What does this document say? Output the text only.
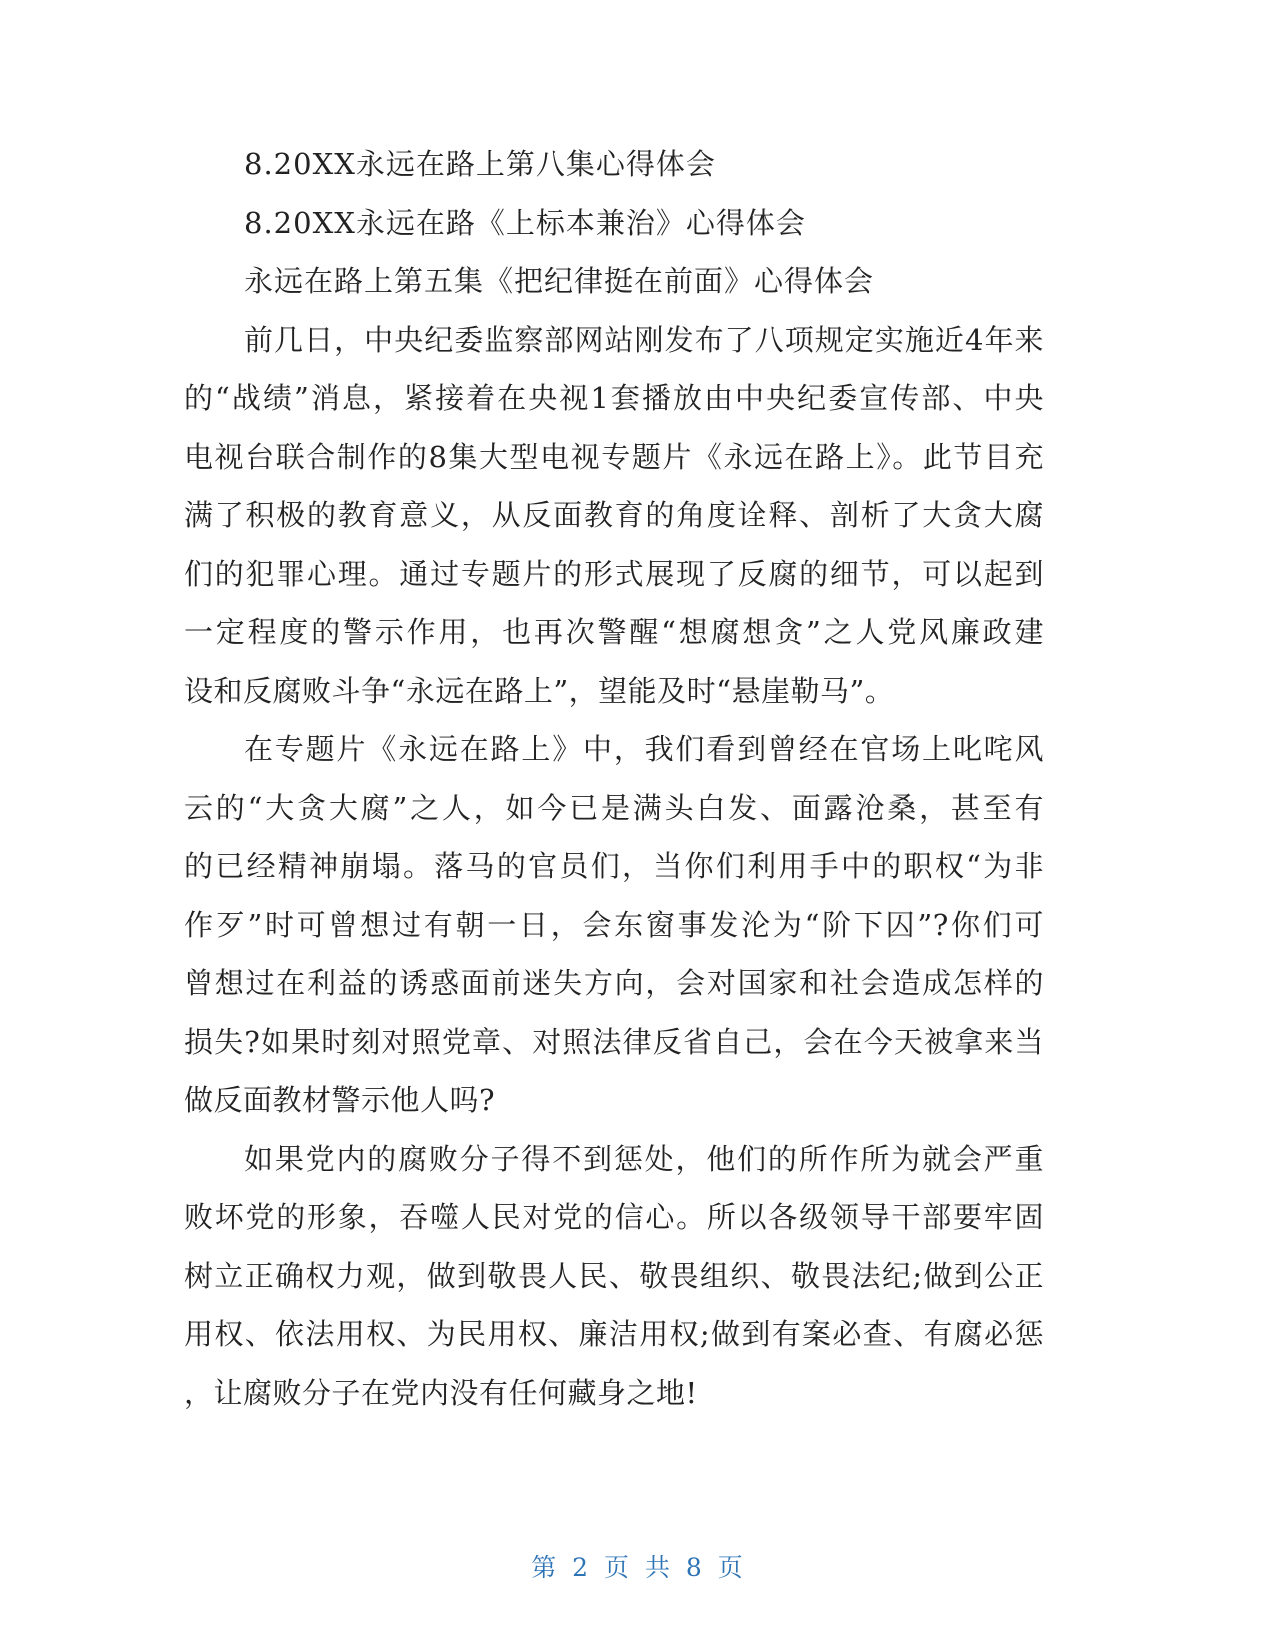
8.20XX永远在路上第八集心得体会
8.20XX永远在路《上标本兼治》心得体会
永远在路上第五集《把纪律挺在前面》心得体会
前几日，中央纪委监察部网站刚发布了八项规定实施近4年来
的“战绩”消息，紧接着在央视1套播放由中央纪委宣传部、中央
电视台联合制作的8集大型电视专题片《永远在路上》。此节目充
满了积极的教育意义，从反面教育的角度诠释、剖析了大贪大腐
们的犯罪心理。通过专题片的形式展现了反腐的细节，可以起到
一定程度的警示作用，也再次警醒“想腐想贪”之人党风廉政建
设和反腐败斗争“永远在路上”，望能及时“悬崖勒马”。
在专题片《永远在路上》中，我们看到曾经在官场上叱咤风
云的“大贪大腐”之人，如今已是满头白发、面露沧桑，甚至有
的已经精神崩塌。落马的官员们，当你们利用手中的职权“为非
作歹”时可曾想过有朝一日，会东窗事发沦为“阶下囚”?你们可
曾想过在利益的诱惑面前迷失方向，会对国家和社会造成怎样的
损失?如果时刻对照党章、对照法律反省自己，会在今天被拿来当
做反面教材警示他人吗?
如果党内的腐败分子得不到惩处，他们的所作所为就会严重
败坏党的形象，吞噬人民对党的信心。所以各级领导干部要牢固
树立正确权力观，做到敬畏人民、敬畏组织、敬畏法纪;做到公正
用权、依法用权、为民用权、廉洁用权;做到有案必查、有腐必惩
，让腐败分子在党内没有任何藏身之地!
第 2 页 共 8 页
